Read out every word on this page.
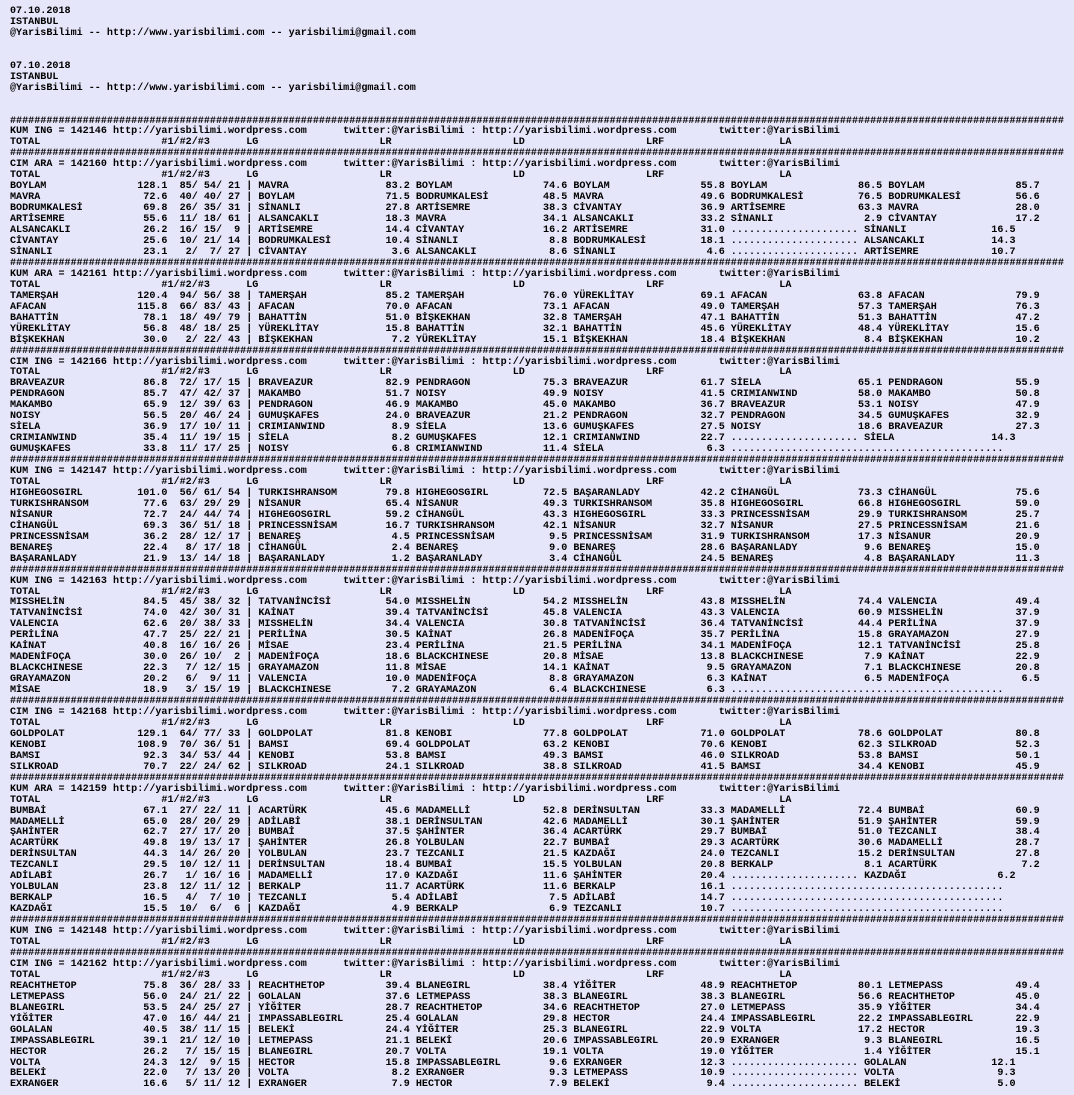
07.10.2018
ISTANBUL
@YarisBilimi -- http://www.yarisbilimi.com -- yarisbilimi@gmail.com

07.10.2018
ISTANBUL
@YarisBilimi -- http://www.yarisbilimi.com -- yarisbilimi@gmail.com

##############################################################################################################################################################################
KUM ING = 142146 http://yarisbilimi.wordpress.com      twitter:@YarisBilimi : http://yarisbilimi.wordpress.com       twitter:@YarisBilimi
TOTAL                    #1/#2/#3      LG                    LR                    LD                    LRF                   LA
##############################################################################################################################################################################
CIM ARA = 142160 http://yarisbilimi.wordpress.com      twitter:@YarisBilimi : http://yarisbilimi.wordpress.com       twitter:@YarisBilimi
TOTAL                    #1/#2/#3      LG                    LR                    LD                    LRF                   LA
BOYLAM               128.1  85/ 54/ 21 | MAVRA                83.2 BOYLAM               74.6 BOYLAM               55.8 BOYLAM               86.5 BOYLAM               85.7
MAVRA                 72.6  40/ 40/ 27 | BOYLAM               71.5 BODRUMKALESİ         48.5 MAVRA                49.6 BODRUMKALESİ         76.5 BODRUMKALESİ         56.6
BODRUMKALESİ          69.8  26/ 35/ 31 | SİNANLI              27.8 ARTİSEMRE            38.3 CİVANTAY             36.9 ARTİSEMRE            63.3 MAVRA                28.0
ARTİSEMRE             55.6  11/ 18/ 61 | ALSANCAKLI           18.3 MAVRA                34.1 ALSANCAKLI           33.2 SİNANLI               2.9 CİVANTAY             17.2
ALSANCAKLI            26.2  16/ 15/  9 | ARTİSEMRE            14.4 CİVANTAY             16.2 ARTİSEMRE            31.0 ..................... SİNANLI              16.5
CİVANTAY              25.6  10/ 21/ 14 | BODRUMKALESİ         10.4 SİNANLI               8.8 BODRUMKALESİ         18.1 ..................... ALSANCAKLI           14.3
SİNANLI               23.1   2/  7/ 27 | CİVANTAY              3.6 ALSANCAKLI            8.6 SİNANLI               4.6 ..................... ARTİSEMRE            10.7
##############################################################################################################################################################################
KUM ARA = 142161 http://yarisbilimi.wordpress.com      twitter:@YarisBilimi : http://yarisbilimi.wordpress.com       twitter:@YarisBilimi
TOTAL                    #1/#2/#3      LG                    LR                    LD                    LRF                   LA
TAMERŞAH             120.4  94/ 56/ 38 | TAMERŞAH             85.2 TAMERŞAH             76.0 YÜREKLİTAY           69.1 AFACAN               63.8 AFACAN               79.9
AFACAN               115.8  66/ 83/ 43 | AFACAN               70.0 AFACAN               73.1 AFACAN               49.0 TAMERŞAH             57.3 TAMERŞAH             76.3
BAHATTİN              78.1  18/ 49/ 79 | BAHATTİN             51.0 BİŞKEKHAN            32.8 TAMERŞAH             47.1 BAHATTİN             51.3 BAHATTİN             47.2
YÜREKLİTAY            56.8  48/ 18/ 25 | YÜREKLİTAY           15.8 BAHATTİN             32.1 BAHATTİN             45.6 YÜREKLİTAY           48.4 YÜREKLİTAY           15.6
BİŞKEKHAN             30.0   2/ 22/ 43 | BİŞKEKHAN             7.2 YÜREKLİTAY           15.1 BİŞKEKHAN            18.4 BİŞKEKHAN             8.4 BİŞKEKHAN            10.2
##############################################################################################################################################################################
CIM ING = 142166 http://yarisbilimi.wordpress.com      twitter:@YarisBilimi : http://yarisbilimi.wordpress.com       twitter:@YarisBilimi
TOTAL                    #1/#2/#3      LG                    LR                    LD                    LRF                   LA
BRAVEAZUR             86.8  72/ 17/ 15 | BRAVEAZUR            82.9 PENDRAGON            75.3 BRAVEAZUR            61.7 SİELA                65.1 PENDRAGON            55.9
PENDRAGON             85.7  47/ 42/ 37 | MAKAMBO              51.7 NOISY                49.9 NOISY                41.5 CRIMIANWIND          58.0 MAKAMBO              50.8
MAKAMBO               65.9  12/ 39/ 63 | PENDRAGON            46.9 MAKAMBO              45.0 MAKAMBO              36.7 BRAVEAZUR            53.1 NOISY                47.9
NOISY                 56.5  20/ 46/ 24 | GUMUŞKAFES           24.0 BRAVEAZUR            21.2 PENDRAGON            32.7 PENDRAGON            34.5 GUMUŞKAFES           32.9
SİELA                 36.9  17/ 10/ 11 | CRIMIANWIND           8.9 SİELA                13.6 GUMUŞKAFES           27.5 NOISY                18.6 BRAVEAZUR            27.3
CRIMIANWIND           35.4  11/ 19/ 15 | SİELA                 8.2 GUMUŞKAFES           12.1 CRIMIANWIND          22.7 ..................... SİELA                14.3
GUMUŞKAFES            33.8  11/ 17/ 25 | NOISY                 6.8 CRIMIANWIND          11.4 SİELA                 6.3 .............................................
##############################################################################################################################################################################
KUM ING = 142147 http://yarisbilimi.wordpress.com      twitter:@YarisBilimi : http://yarisbilimi.wordpress.com       twitter:@YarisBilimi
TOTAL                    #1/#2/#3      LG                    LR                    LD                    LRF                   LA
HIGHEGOSGIRL         101.0  56/ 61/ 54 | TURKISHRANSOM        79.8 HIGHEGOSGIRL         72.5 BAŞARANLADY          42.2 CİHANGÜL             73.3 CİHANGÜL             75.6
TURKISHRANSOM         77.6  63/ 29/ 29 | NİSANUR              65.4 NİSANUR              49.3 TURKISHRANSOM        35.8 HIGHEGOSGIRL         66.8 HIGHEGOSGIRL         59.0
NİSANUR               72.7  24/ 44/ 74 | HIGHEGOSGIRL         59.2 CİHANGÜL             43.3 HIGHEGOSGIRL         33.3 PRINCESSNİSAM        29.9 TURKISHRANSOM        25.7
CİHANGÜL              69.3  36/ 51/ 18 | PRINCESSNİSAM        16.7 TURKISHRANSOM        42.1 NİSANUR              32.7 NİSANUR              27.5 PRINCESSNİSAM        21.6
PRINCESSNİSAM         36.2  28/ 12/ 17 | BENAREŞ               4.5 PRINCESSNİSAM         9.5 PRINCESSNİSAM        31.9 TURKISHRANSOM        17.3 NİSANUR              20.9
BENAREŞ               22.4   8/ 17/ 18 | CİHANGÜL              2.4 BENAREŞ               9.0 BENAREŞ              28.6 BAŞARANLADY           9.6 BENAREŞ              15.0
BAŞARANLADY           21.9  13/ 14/ 18 | BAŞARANLADY           1.2 BAŞARANLADY           3.4 CİHANGÜL             24.5 BENAREŞ               4.8 BAŞARANLADY          11.3
##############################################################################################################################################################################
KUM ING = 142163 http://yarisbilimi.wordpress.com      twitter:@YarisBilimi : http://yarisbilimi.wordpress.com       twitter:@YarisBilimi
TOTAL                    #1/#2/#3      LG                    LR                    LD                    LRF                   LA
MISSHELİN             84.5  45/ 38/ 32 | TATVANİNCİSİ         54.0 MISSHELİN            54.2 MISSHELİN            43.8 MISSHELİN            74.4 VALENCIA             49.4
TATVANİNCİSİ          74.0  42/ 30/ 31 | KAİNAT               39.4 TATVANİNCİSİ         45.8 VALENCIA             43.3 VALENCIA             60.9 MISSHELİN            37.9
VALENCIA              62.6  20/ 38/ 33 | MISSHELİN            34.4 VALENCIA             30.8 TATVANİNCİSİ         36.4 TATVANİNCİSİ         44.4 PERİLİNA             37.9
PERİLİNA              47.7  25/ 22/ 21 | PERİLİNA             30.5 KAİNAT               26.8 MADENİFOÇA           35.7 PERİLİNA             15.8 GRAYAMAZON           27.9
KAİNAT                40.8  16/ 16/ 26 | MİSAE                23.4 PERİLİNA             21.5 PERİLİNA             34.1 MADENİFOÇA           12.1 TATVANİNCİSİ         25.8
MADENİFOÇA            30.0  26/ 10/  2 | MADENİFOÇA           18.6 BLACKCHINESE         20.8 MİSAE                13.8 BLACKCHINESE          7.9 KAİNAT               22.9
BLACKCHINESE          22.3   7/ 12/ 15 | GRAYAMAZON           11.8 MİSAE                14.1 KAİNAT                9.5 GRAYAMAZON            7.1 BLACKCHINESE         20.8
GRAYAMAZON            20.2   6/  9/ 11 | VALENCIA             10.0 MADENİFOÇA            8.8 GRAYAMAZON            6.3 KAİNAT                6.5 MADENİFOÇA            6.5
MİSAE                 18.9   3/ 15/ 19 | BLACKCHINESE          7.2 GRAYAMAZON            6.4 BLACKCHINESE          6.3 .............................................
##############################################################################################################################################################################
CIM ING = 142168 http://yarisbilimi.wordpress.com      twitter:@YarisBilimi : http://yarisbilimi.wordpress.com       twitter:@YarisBilimi
TOTAL                    #1/#2/#3      LG                    LR                    LD                    LRF                   LA
GOLDPOLAT            129.1  64/ 77/ 33 | GOLDPOLAT            81.8 KENOBI               77.8 GOLDPOLAT            71.0 GOLDPOLAT            78.6 GOLDPOLAT            80.8
KENOBI               108.9  70/ 36/ 51 | BAMSI                69.4 GOLDPOLAT            63.2 KENOBI               70.6 KENOBI               62.3 SILKROAD             52.3
BAMSI                 92.3  34/ 53/ 44 | KENOBI               53.8 BAMSI                49.3 BAMSI                46.0 SILKROAD             53.8 BAMSI                50.1
SILKROAD              70.7  22/ 24/ 62 | SILKROAD             24.1 SILKROAD             38.8 SILKROAD             41.5 BAMSI                34.4 KENOBI               45.9
##############################################################################################################################################################################
KUM ARA = 142159 http://yarisbilimi.wordpress.com      twitter:@YarisBilimi : http://yarisbilimi.wordpress.com       twitter:@YarisBilimi
TOTAL                    #1/#2/#3      LG                    LR                    LD                    LRF                   LA
BUMBAİ                67.1  27/ 22/ 11 | ACARTÜRK             45.6 MADAMELLİ            52.8 DERİNSULTAN          33.3 MADAMELLİ            72.4 BUMBAİ               60.9
MADAMELLİ             65.0  28/ 20/ 29 | ADİLABİ              38.1 DERİNSULTAN          42.6 MADAMELLİ            30.1 ŞAHİNTER             51.9 ŞAHİNTER             59.9
ŞAHİNTER              62.7  27/ 17/ 20 | BUMBAİ               37.5 ŞAHİNTER             36.4 ACARTÜRK             29.7 BUMBAİ               51.0 TEZCANLI             38.4
ACARTÜRK              49.8  19/ 13/ 17 | ŞAHİNTER             26.8 YOLBULAN             22.7 BUMBAİ               29.3 ACARTÜRK             30.6 MADAMELLİ            28.7
DERİNSULTAN           44.3  14/ 26/ 20 | YOLBULAN             23.7 TEZCANLI             21.5 KAZDAĞI              24.0 TEZCANLI             15.2 DERİNSULTAN          27.8
TEZCANLI              29.5  10/ 12/ 11 | DERİNSULTAN          18.4 BUMBAİ               15.5 YOLBULAN             20.8 BERKALP               8.1 ACARTÜRK              7.2
ADİLABİ               26.7   1/ 16/ 16 | MADAMELLİ            17.0 KAZDAĞI              11.6 ŞAHİNTER             20.4 ..................... KAZDAĞI               6.2
YOLBULAN              23.8  12/ 11/ 12 | BERKALP              11.7 ACARTÜRK             11.6 BERKALP              16.1 .............................................
BERKALP               16.5   4/  7/ 10 | TEZCANLI              5.4 ADİLABİ               7.5 ADİLABİ              14.7 .............................................
KAZDAĞI               15.5  10/  6/  6 | KAZDAĞI               4.9 BERKALP               6.9 TEZCANLI             10.7 .............................................
##############################################################################################################################################################################
KUM ING = 142148 http://yarisbilimi.wordpress.com      twitter:@YarisBilimi : http://yarisbilimi.wordpress.com       twitter:@YarisBilimi
TOTAL                    #1/#2/#3      LG                    LR                    LD                    LRF                   LA
##############################################################################################################################################################################
CIM ING = 142162 http://yarisbilimi.wordpress.com      twitter:@YarisBilimi : http://yarisbilimi.wordpress.com       twitter:@YarisBilimi
TOTAL                    #1/#2/#3      LG                    LR                    LD                    LRF                   LA
REACHTHETOP           75.8  36/ 28/ 33 | REACHTHETOP          39.4 BLANEGIRL            38.4 YİĞİTER              48.9 REACHTHETOP          80.1 LETMEPASS            49.4
LETMEPASS             56.0  24/ 21/ 22 | GOLALAN              37.6 LETMEPASS            38.3 BLANEGIRL            38.3 BLANEGIRL            56.6 REACHTHETOP          45.0
BLANEGIRL             53.5  24/ 25/ 27 | YİĞİTER              28.7 REACHTHETOP          34.6 REACHTHETOP          27.0 LETMEPASS            35.9 YİĞİTER              34.4
YİĞİTER               47.0  16/ 44/ 21 | IMPASSABLEGIRL       25.4 GOLALAN              29.8 HECTOR               24.4 IMPASSABLEGIRL       22.2 IMPASSABLEGIRL       22.9
GOLALAN               40.5  38/ 11/ 15 | BELEKİ               24.4 YİĞİTER              25.3 BLANEGIRL            22.9 VOLTA                17.2 HECTOR               19.3
IMPASSABLEGIRL        39.1  21/ 12/ 10 | LETMEPASS            21.1 BELEKİ               20.6 IMPASSABLEGIRL       20.9 EXRANGER              9.3 BLANEGIRL            16.5
HECTOR                26.2   7/ 15/ 15 | BLANEGIRL            20.7 VOLTA                19.1 VOLTA                19.0 YİĞİTER               1.4 YİĞİTER              15.1
VOLTA                 24.3  12/  9/ 15 | HECTOR               15.8 IMPASSABLEGIRL        9.6 EXRANGER             12.3 ..................... GOLALAN              12.1
BELEKİ                22.0   7/ 13/ 20 | VOLTA                 8.2 EXRANGER              9.3 LETMEPASS            10.9 ..................... VOLTA                 9.3
EXRANGER              16.6   5/ 11/ 12 | EXRANGER              7.9 HECTOR                7.9 BELEKİ                9.4 ..................... BELEKİ                5.0
